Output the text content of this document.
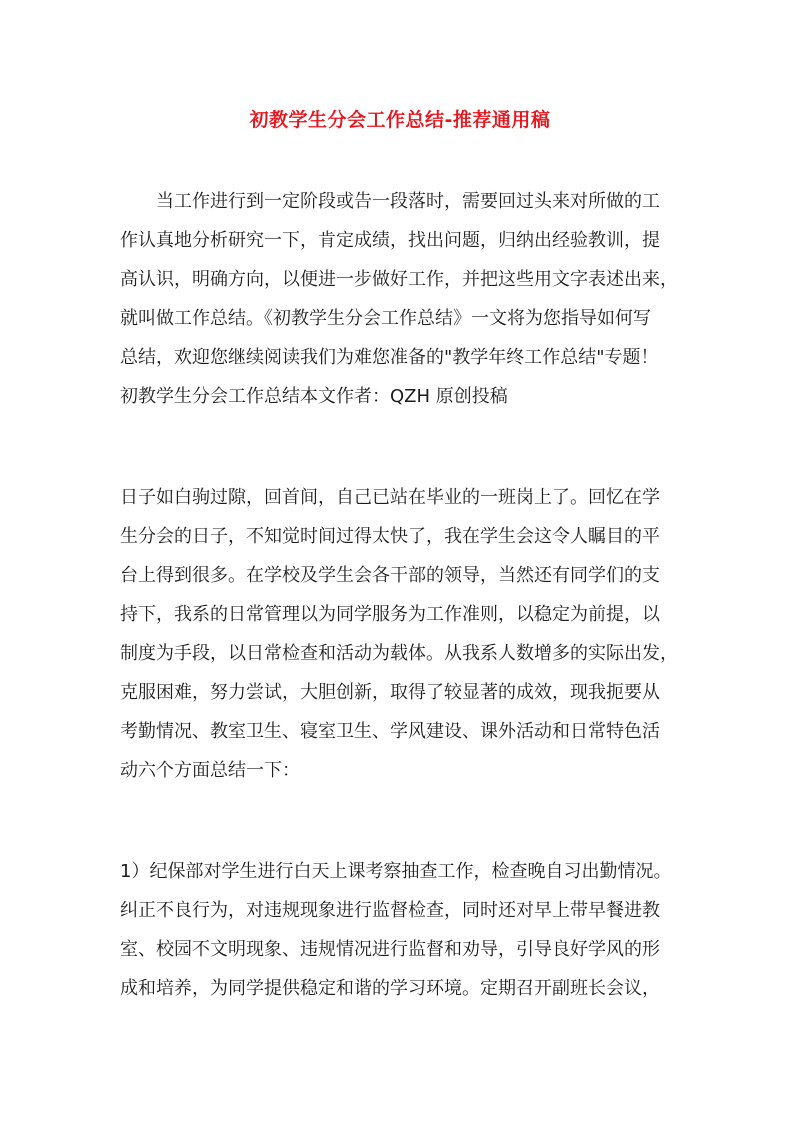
初教学生分会工作总结-推荐通用稿
　　当工作进行到一定阶段或告一段落时，需要回过头来对所做的工
作认真地分析研究一下，肯定成绩，找出问题，归纳出经验教训，提
高认识，明确方向，以便进一步做好工作，并把这些用文字表述出来，
就叫做工作总结。《初教学生分会工作总结》一文将为您指导如何写
总结，欢迎您继续阅读我们为难您准备的"教学年终工作总结"专题！
初教学生分会工作总结本文作者：QZH 原创投稿
日子如白驹过隙，回首间，自己已站在毕业的一班岗上了。回忆在学
生分会的日子，不知觉时间过得太快了，我在学生会这令人瞩目的平
台上得到很多。在学校及学生会各干部的领导，当然还有同学们的支
持下，我系的日常管理以为同学服务为工作准则，以稳定为前提，以
制度为手段，以日常检查和活动为载体。从我系人数增多的实际出发，
克服困难，努力尝试，大胆创新，取得了较显著的成效，现我扼要从
考勤情况、教室卫生、寝室卫生、学风建设、课外活动和日常特色活
动六个方面总结一下：
1）纪保部对学生进行白天上课考察抽查工作，检查晚自习出勤情况。
纠正不良行为，对违规现象进行监督检查，同时还对早上带早餐进教
室、校园不文明现象、违规情况进行监督和劝导，引导良好学风的形
成和培养，为同学提供稳定和谐的学习环境。定期召开副班长会议，
